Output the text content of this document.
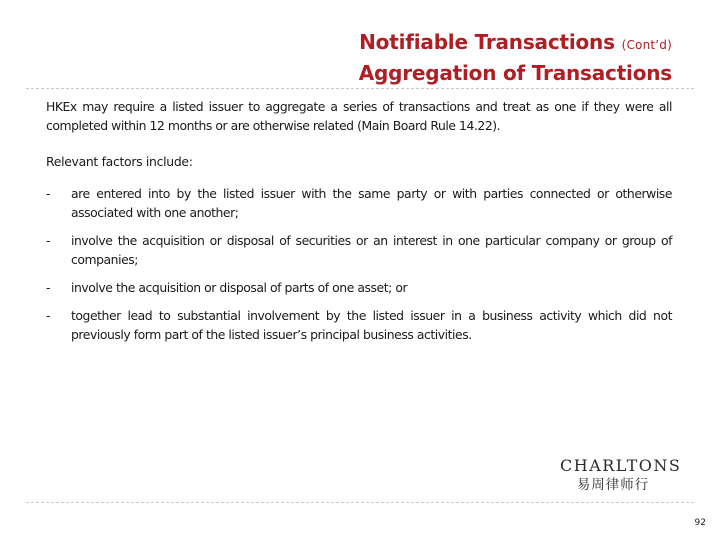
Notifiable Transactions (Cont’d)
Aggregation of Transactions

HKEx may require a listed issuer to aggregate a series of transactions and treat as one if they were all completed within 12 months or are otherwise related (Main Board Rule 14.22).

Relevant factors include:

-	are entered into by the listed issuer with the same party or with parties connected or otherwise associated with one another;
-	involve the acquisition or disposal of securities or an interest in one particular company or group of companies;
-	involve the acquisition or disposal of parts of one asset; or
-	together lead to substantial involvement by the listed issuer in a business activity which did not previously form part of the listed issuer’s principal business activities.
CHARLTONS
易周律师行
92
